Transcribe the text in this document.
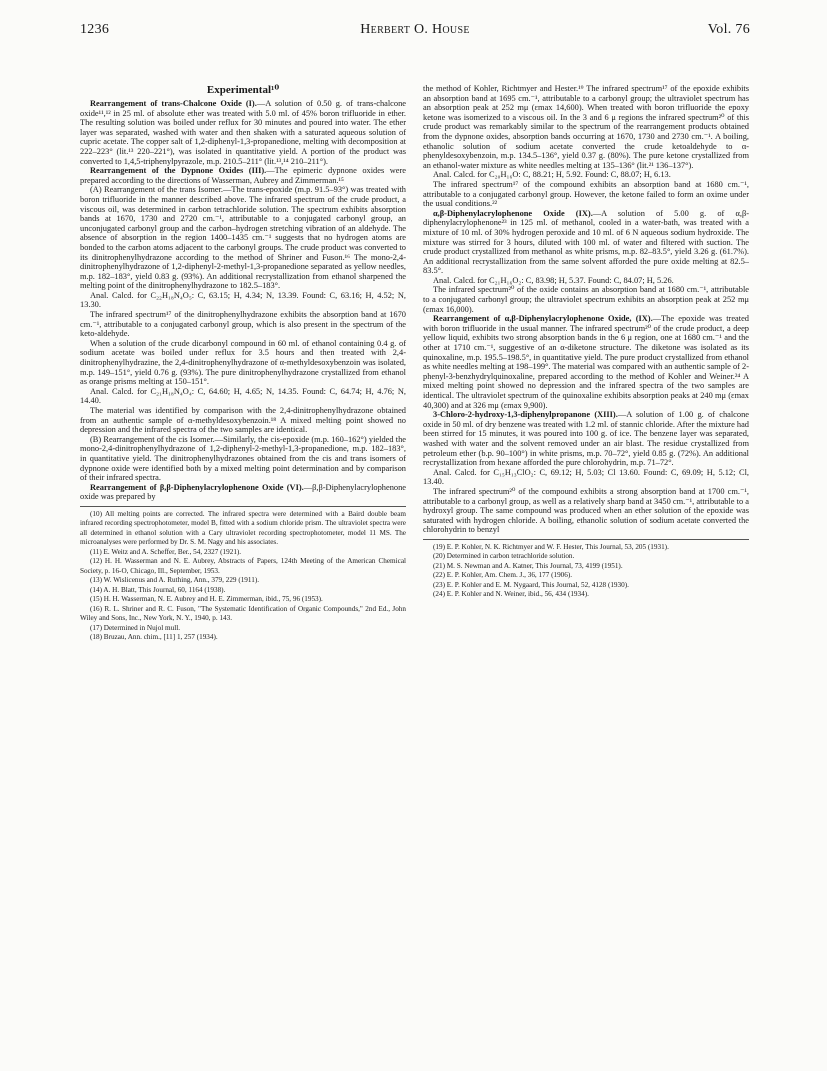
1236	Herbert O. House	Vol. 76
Experimental¹⁰

Rearrangement of trans-Chalcone Oxide (I).—A solution of 0.50 g. of trans-chalcone oxide¹¹,¹² in 25 ml. of absolute ether was treated with 5.0 ml. of 45% boron trifluoride in ether. The resulting solution was boiled under reflux for 30 minutes and poured into water. The ether layer was separated, washed with water and then shaken with a saturated aqueous solution of cupric acetate. The copper salt of 1,2-diphenyl-1,3-propanedione, melting with decomposition at 222–223° (lit.¹³ 220–221°), was isolated in quantitative yield. A portion of the product was converted to 1,4,5-triphenylpyrazole, m.p. 210.5–211° (lit.¹³,¹⁴ 210–211°).

Rearrangement of the Dypnone Oxides (III).—The epimeric dypnone oxides were prepared according to the directions of Wasserman, Aubrey and Zimmerman.¹⁵

(A) Rearrangement of the trans Isomer.—The trans-epoxide (m.p. 91.5–93°) was treated with boron trifluoride in the manner described above. The infrared spectrum of the crude product, a viscous oil, was determined in carbon tetrachloride solution. The spectrum exhibits absorption bands at 1670, 1730 and 2720 cm.⁻¹, attributable to a conjugated carbonyl group, an unconjugated carbonyl group and the carbon–hydrogen stretching vibration of an aldehyde. The absence of absorption in the region 1400–1435 cm.⁻¹ suggests that no hydrogen atoms are bonded to the carbon atoms adjacent to the carbonyl groups. The crude product was converted to its dinitrophenylhydrazone according to the method of Shriner and Fuson.¹⁶ The mono-2,4-dinitrophenylhydrazone of 1,2-diphenyl-2-methyl-1,3-propanedione separated as yellow needles, m.p. 182–183°, yield 0.83 g. (93%). An additional recrystallization from ethanol sharpened the melting point of the dinitrophenylhydrazone to 182.5–183°.

Anal. Calcd. for C₂₂H₁₈N₄O₅: C, 63.15; H, 4.34; N, 13.39. Found: C, 63.16; H, 4.52; N, 13.30.

The infrared spectrum¹⁷ of the dinitrophenylhydrazone exhibits the absorption band at 1670 cm.⁻¹, attributable to a conjugated carbonyl group, which is also present in the spectrum of the keto-aldehyde.

When a solution of the crude dicarbonyl compound in 60 ml. of ethanol containing 0.4 g. of sodium acetate was boiled under reflux for 3.5 hours and then treated with 2,4-dinitrophenylhydrazine, the 2,4-dinitrophenylhydrazone of α-methyldesoxybenzoin was isolated, m.p. 149–151°, yield 0.76 g. (93%). The pure dinitrophenylhydrazone crystallized from ethanol as orange prisms melting at 150–151°.

Anal. Calcd. for C₂₁H₁₈N₄O₄: C, 64.60; H, 4.65; N, 14.35. Found: C, 64.74; H, 4.76; N, 14.40.

The material was identified by comparison with the 2,4-dinitrophenylhydrazone obtained from an authentic sample of α-methyldesoxybenzoin.¹⁸ A mixed melting point showed no depression and the infrared spectra of the two samples are identical.

(B) Rearrangement of the cis Isomer.—Similarly, the cis-epoxide (m.p. 160–162°) yielded the mono-2,4-dinitrophenylhydrazone of 1,2-diphenyl-2-methyl-1,3-propanedione, m.p. 182–183°, in quantitative yield. The dinitrophenylhydrazones obtained from the cis and trans isomers of dypnone oxide were identified both by a mixed melting point determination and by comparison of their infrared spectra.

Rearrangement of β,β-Diphenylacrylophenone Oxide (VI).—β,β-Diphenylacrylophenone oxide was prepared by

(10) All melting points are corrected. The infrared spectra were determined with a Baird double beam infrared recording spectrophotometer, model B, fitted with a sodium chloride prism. The ultraviolet spectra were all determined in ethanol solution with a Cary ultraviolet recording spectrophotometer, model 11 MS. The microanalyses were performed by Dr. S. M. Nagy and his associates.

(11) E. Weitz and A. Scheffer, Ber., 54, 2327 (1921).

(12) H. H. Wasserman and N. E. Aubrey, Abstracts of Papers, 124th Meeting of the American Chemical Society, p. 16-O, Chicago, Ill., September, 1953.

(13) W. Wislicenus and A. Ruthing, Ann., 379, 229 (1911).

(14) A. H. Blatt, This Journal, 60, 1164 (1938).

(15) H. H. Wasserman, N. E. Aubrey and H. E. Zimmerman, ibid., 75, 96 (1953).

(16) R. L. Shriner and R. C. Fuson, "The Systematic Identification of Organic Compounds," 2nd Ed., John Wiley and Sons, Inc., New York, N. Y., 1940, p. 143.

(17) Determined in Nujol mull.

(18) Bruzau, Ann. chim., [11] 1, 257 (1934).

the method of Kohler, Richtmyer and Hester.¹⁹ The infrared spectrum¹⁷ of the epoxide exhibits an absorption band at 1695 cm.⁻¹, attributable to a carbonyl group; the ultraviolet spectrum has an absorption peak at 252 mμ (εmax 14,600). When treated with boron trifluoride the epoxy ketone was isomerized to a viscous oil. In the 3 and 6 μ regions the infrared spectrum²⁰ of this crude product was remarkably similar to the spectrum of the rearrangement products obtained from the dypnone oxides, absorption bands occurring at 1670, 1730 and 2730 cm.⁻¹. A boiling, ethanolic solution of sodium acetate converted the crude ketoaldehyde to α-phenyldesoxybenzoin, m.p. 134.5–136°, yield 0.37 g. (80%). The pure ketone crystallized from an ethanol-water mixture as white needles melting at 135–136° (lit.²¹ 136–137°).

Anal. Calcd. for C₂₀H₁₆O: C, 88.21; H, 5.92. Found: C, 88.07; H, 6.13.

The infrared spectrum¹⁷ of the compound exhibits an absorption band at 1680 cm.⁻¹, attributable to a conjugated carbonyl group. However, the ketone failed to form an oxime under the usual conditions.²²

α,β-Diphenylacrylophenone Oxide (IX).—A solution of 5.00 g. of α,β-diphenylacrylophenone²³ in 125 ml. of methanol, cooled in a water-bath, was treated with a mixture of 10 ml. of 30% hydrogen peroxide and 10 ml. of 6 N aqueous sodium hydroxide. The mixture was stirred for 3 hours, diluted with 100 ml. of water and filtered with suction. The crude product crystallized from methanol as white prisms, m.p. 82–83.5°, yield 3.26 g. (61.7%). An additional recrystallization from the same solvent afforded the pure oxide melting at 82.5–83.5°.

Anal. Calcd. for C₂₁H₁₆O₂: C, 83.98; H, 5.37. Found: C, 84.07; H, 5.26.

The infrared spectrum²⁰ of the oxide contains an absorption band at 1680 cm.⁻¹, attributable to a conjugated carbonyl group; the ultraviolet spectrum exhibits an absorption peak at 252 mμ (εmax 16,000).

Rearrangement of α,β-Diphenylacrylophenone Oxide, (IX).—The epoxide was treated with boron trifluoride in the usual manner. The infrared spectrum²⁰ of the crude product, a deep yellow liquid, exhibits two strong absorption bands in the 6 μ region, one at 1680 cm.⁻¹ and the other at 1710 cm.⁻¹, suggestive of an α-diketone structure. The diketone was isolated as its quinoxaline, m.p. 195.5–198.5°, in quantitative yield. The pure product crystallized from ethanol as white needles melting at 198–199°. The material was compared with an authentic sample of 2-phenyl-3-benzhydrylquinoxaline, prepared according to the method of Kohler and Weiner.²⁴ A mixed melting point showed no depression and the infrared spectra of the two samples are identical. The ultraviolet spectrum of the quinoxaline exhibits absorption peaks at 240 mμ (εmax 40,300) and at 326 mμ (εmax 9,900).

3-Chloro-2-hydroxy-1,3-diphenylpropanone (XIII).—A solution of 1.00 g. of chalcone oxide in 50 ml. of dry benzene was treated with 1.2 ml. of stannic chloride. After the mixture had been stirred for 15 minutes, it was poured into 100 g. of ice. The benzene layer was separated, washed with water and the solvent removed under an air blast. The residue crystallized from petroleum ether (b.p. 90–100°) in white prisms, m.p. 70–72°, yield 0.85 g. (72%). An additional recrystallization from hexane afforded the pure chlorohydrin, m.p. 71–72°.

Anal. Calcd. for C₁₅H₁₃ClO₂: C, 69.12; H, 5.03; Cl 13.60. Found: C, 69.09; H, 5.12; Cl, 13.40.

The infrared spectrum²⁰ of the compound exhibits a strong absorption band at 1700 cm.⁻¹, attributable to a carbonyl group, as well as a relatively sharp band at 3450 cm.⁻¹, attributable to a hydroxyl group. The same compound was produced when an ether solution of the epoxide was saturated with hydrogen chloride. A boiling, ethanolic solution of sodium acetate converted the chlorohydrin to benzyl

(19) E. P. Kohler, N. K. Richtmyer and W. F. Hester, This Journal, 53, 205 (1931).

(20) Determined in carbon tetrachloride solution.

(21) M. S. Newman and A. Katner, This Journal, 73, 4199 (1951).

(22) E. P. Kohler, Am. Chem. J., 36, 177 (1906).

(23) E. P. Kohler and E. M. Nygaard, This Journal, 52, 4128 (1930).

(24) E. P. Kohler and N. Weiner, ibid., 56, 434 (1934).
